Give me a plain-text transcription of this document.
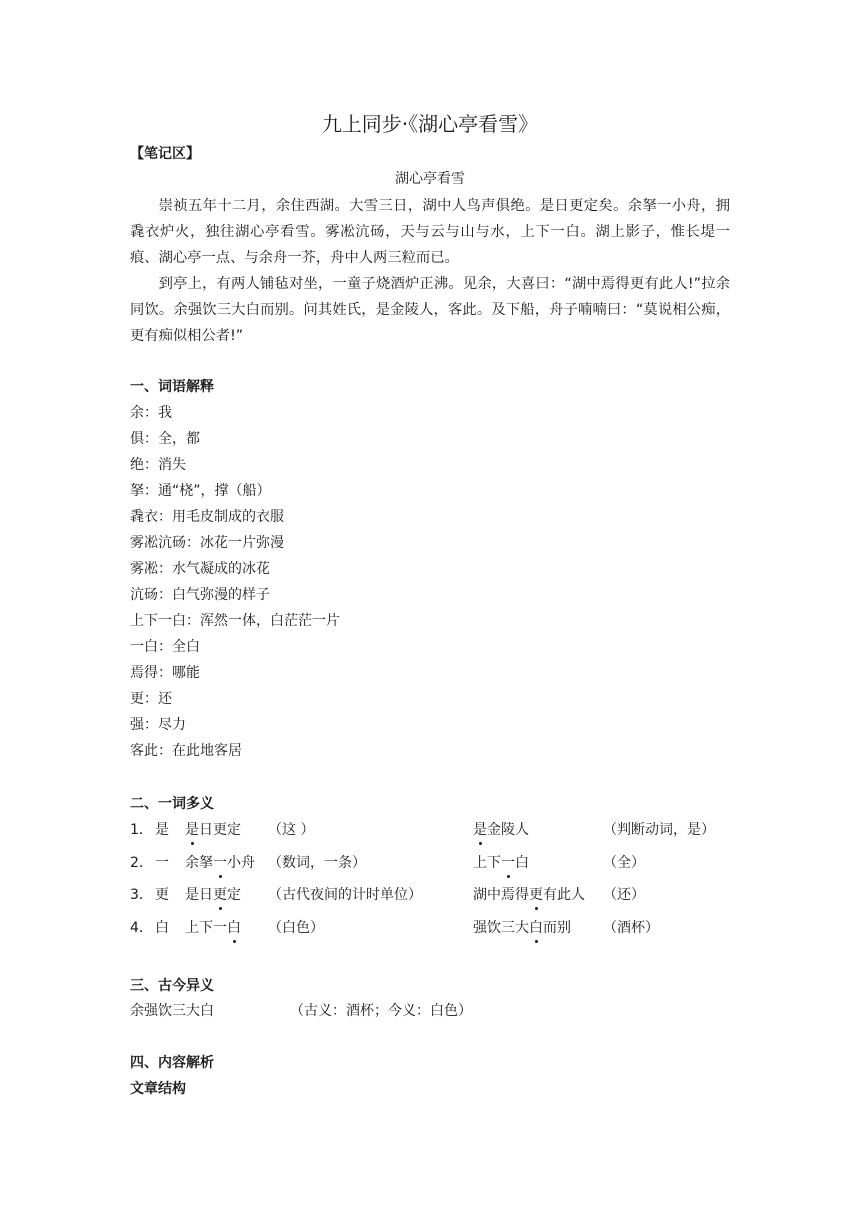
九上同步·《湖心亭看雪》
【笔记区】
湖心亭看雪

崇祯五年十二月，余住西湖。大雪三日，湖中人鸟声俱绝。是日更定矣。余拏一小舟，拥毳衣炉火，独往湖心亭看雪。雾凇沆砀，天与云与山与水，上下一白。湖上影子，惟长堤一痕、湖心亭一点、与余舟一芥，舟中人两三粒而已。

到亭上，有两人铺毡对坐，一童子烧酒炉正沸。见余，大喜曰：“湖中焉得更有此人!”拉余同饮。余强饮三大白而别。问其姓氏，是金陵人，客此。及下船，舟子喃喃曰：“莫说相公痴，更有痴似相公者!”

一、词语解释
余：我
俱：全，都
绝：消失
拏：通“桡”，撑（船）
毳衣：用毛皮制成的衣服
雾凇沆砀：冰花一片弥漫
雾凇：水气凝成的冰花
沆砀：白气弥漫的样子
上下一白：浑然一体，白茫茫一片
一白：全白
焉得：哪能
更：还
强：尽力
客此：在此地客居
二、一词多义
1． 是 是日更定 （这 ）	是金陵人	（判断动词，是）
2． 一 余拏一小舟 （数词，一条）	上下一白	（全）
3． 更 是日更定 （古代夜间的计时单位）	湖中焉得更有此人 （还）
4． 白 上下一白 （白色）	强饮三大白而别 （酒杯）
三、古今异义
余强饮三大白	（古义：酒杯；今义：白色）
四、内容解析
文章结构
